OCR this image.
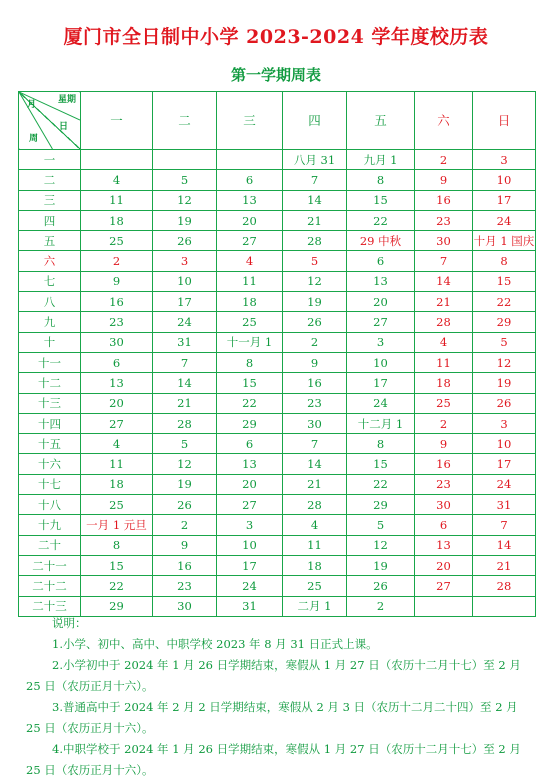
厦门市全日制中小学 2023-2024 学年度校历表
第一学期周表
月 星期
日
周	一	二	三	四	五	六	日
一				八月 31	九月 1	2	3
二	4	5	6	7	8	9	10
三	11	12	13	14	15	16	17
四	18	19	20	21	22	23	24
五	25	26	27	28	29 中秋	30	十月 1 国庆
六	2	3	4	5	6	7	8
七	9	10	11	12	13	14	15
八	16	17	18	19	20	21	22
九	23	24	25	26	27	28	29
十	30	31	十一月 1	2	3	4	5
十一	6	7	8	9	10	11	12
十二	13	14	15	16	17	18	19
十三	20	21	22	23	24	25	26
十四	27	28	29	30	十二月 1	2	3
十五	4	5	6	7	8	9	10
十六	11	12	13	14	15	16	17
十七	18	19	20	21	22	23	24
十八	25	26	27	28	29	30	31
十九	一月 1 元旦	2	3	4	5	6	7
二十	8	9	10	11	12	13	14
二十一	15	16	17	18	19	20	21
二十二	22	23	24	25	26	27	28
二十三	29	30	31	二月 1	2		

说明：

1.小学、初中、高中、中职学校 2023 年 8 月 31 日正式上课。

2.小学初中于 2024 年 1 月 26 日学期结束，寒假从 1 月 27 日（农历十二月十七）至 2 月 25 日（农历正月十六）。

3.普通高中于 2024 年 2 月 2 日学期结束，寒假从 2 月 3 日（农历十二月二十四）至 2 月 25 日（农历正月十六）。

4.中职学校于 2024 年 1 月 26 日学期结束，寒假从 1 月 27 日（农历十二月十七）至 2 月 25 日（农历正月十六）。
